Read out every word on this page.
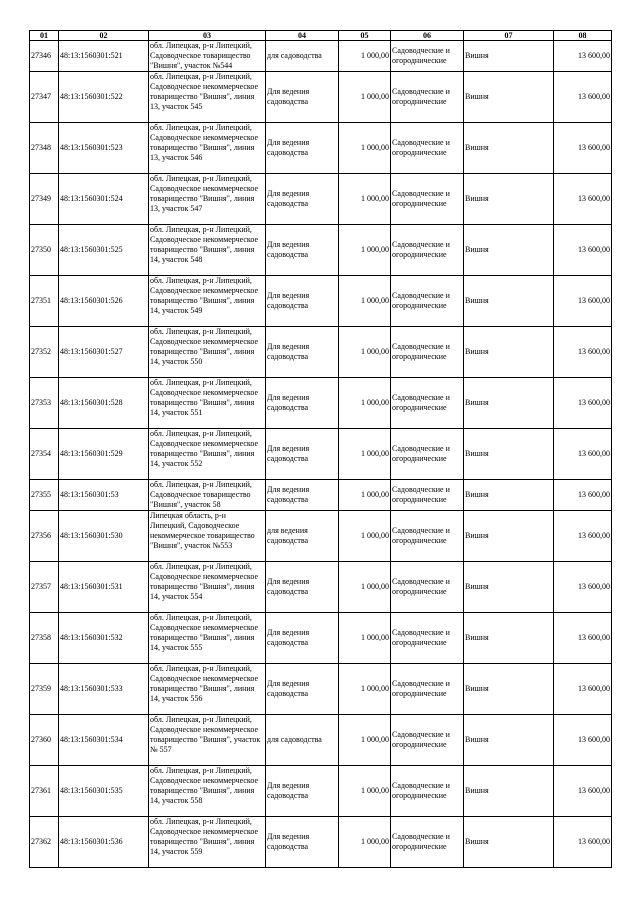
01	02	03	04	05	06	07	08
27346	48:13:1560301:521	обл. Липецкая, р-н Липецкий, Садоводческое товарищество "Вишня", участок №544	для садоводства	1 000,00	Садоводческие и огороднические	Вишня	13 600,00
27347	48:13:1560301:522	обл. Липецкая, р-н Липецкий, Садоводческое некоммерческое товарищество "Вишня", линия 13, участок 545	Для ведения садоводства	1 000,00	Садоводческие и огороднические	Вишня	13 600,00
27348	48:13:1560301:523	обл. Липецкая, р-н Липецкий, Садоводческое некоммерческое товарищество "Вишня", линия 13, участок 546	Для ведения садоводства	1 000,00	Садоводческие и огороднические	Вишня	13 600,00
27349	48:13:1560301:524	обл. Липецкая, р-н Липецкий, Садоводческое некоммерческое товарищество "Вишня", линия 13, участок 547	Для ведения садоводства	1 000,00	Садоводческие и огороднические	Вишня	13 600,00
27350	48:13:1560301:525	обл. Липецкая, р-н Липецкий, Садоводческое некоммерческое товарищество "Вишня", линия 14, участок 548	Для ведения садоводства	1 000,00	Садоводческие и огороднические	Вишня	13 600,00
27351	48:13:1560301:526	обл. Липецкая, р-н Липецкий, Садоводческое некоммерческое товарищество "Вишня", линия 14, участок 549	Для ведения садоводства	1 000,00	Садоводческие и огороднические	Вишня	13 600,00
27352	48:13:1560301:527	обл. Липецкая, р-н Липецкий, Садоводческое некоммерческое товарищество "Вишня", линия 14, участок 550	Для ведения садоводства	1 000,00	Садоводческие и огороднические	Вишня	13 600,00
27353	48:13:1560301:528	обл. Липецкая, р-н Липецкий, Садоводческое некоммерческое товарищество "Вишня", линия 14, участок 551	Для ведения садоводства	1 000,00	Садоводческие и огороднические	Вишня	13 600,00
27354	48:13:1560301:529	обл. Липецкая, р-н Липецкий, Садоводческое некоммерческое товарищество "Вишня", линия 14, участок 552	Для ведения садоводства	1 000,00	Садоводческие и огороднические	Вишня	13 600,00
27355	48:13:1560301:53	обл. Липецкая, р-н Липецкий, Садоводческое товарищество "Вишня", участок 58	Для ведения садоводства	1 000,00	Садоводческие и огороднические	Вишня	13 600,00
27356	48:13:1560301:530	Липецкая область, р-н Липецкий, Садоводческое некоммерческое товарищество "Вишня", участок №553	для ведения садоводства	1 000,00	Садоводческие и огороднические	Вишня	13 600,00
27357	48:13:1560301:531	обл. Липецкая, р-н Липецкий, Садоводческое некоммерческое товарищество "Вишня", линия 14, участок 554	Для ведения садоводства	1 000,00	Садоводческие и огороднические	Вишня	13 600,00
27358	48:13:1560301:532	обл. Липецкая, р-н Липецкий, Садоводческое некоммерческое товарищество "Вишня", линия 14, участок 555	Для ведения садоводства	1 000,00	Садоводческие и огороднические	Вишня	13 600,00
27359	48:13:1560301:533	обл. Липецкая, р-н Липецкий, Садоводческое некоммерческое товарищество "Вишня", линия 14, участок 556	Для ведения садоводства	1 000,00	Садоводческие и огороднические	Вишня	13 600,00
27360	48:13:1560301:534	обл. Липецкая, р-н Липецкий, Садоводческое некоммерческое товарищество "Вишня", участок № 557	для садоводства	1 000,00	Садоводческие и огороднические	Вишня	13 600,00
27361	48:13:1560301:535	обл. Липецкая, р-н Липецкий, Садоводческое некоммерческое товарищество "Вишня", линия 14, участок 558	Для ведения садоводства	1 000,00	Садоводческие и огороднические	Вишня	13 600,00
27362	48:13:1560301:536	обл. Липецкая, р-н Липецкий, Садоводческое некоммерческое товарищество "Вишня", линия 14, участок 559	Для ведения садоводства	1 000,00	Садоводческие и огороднические	Вишня	13 600,00
